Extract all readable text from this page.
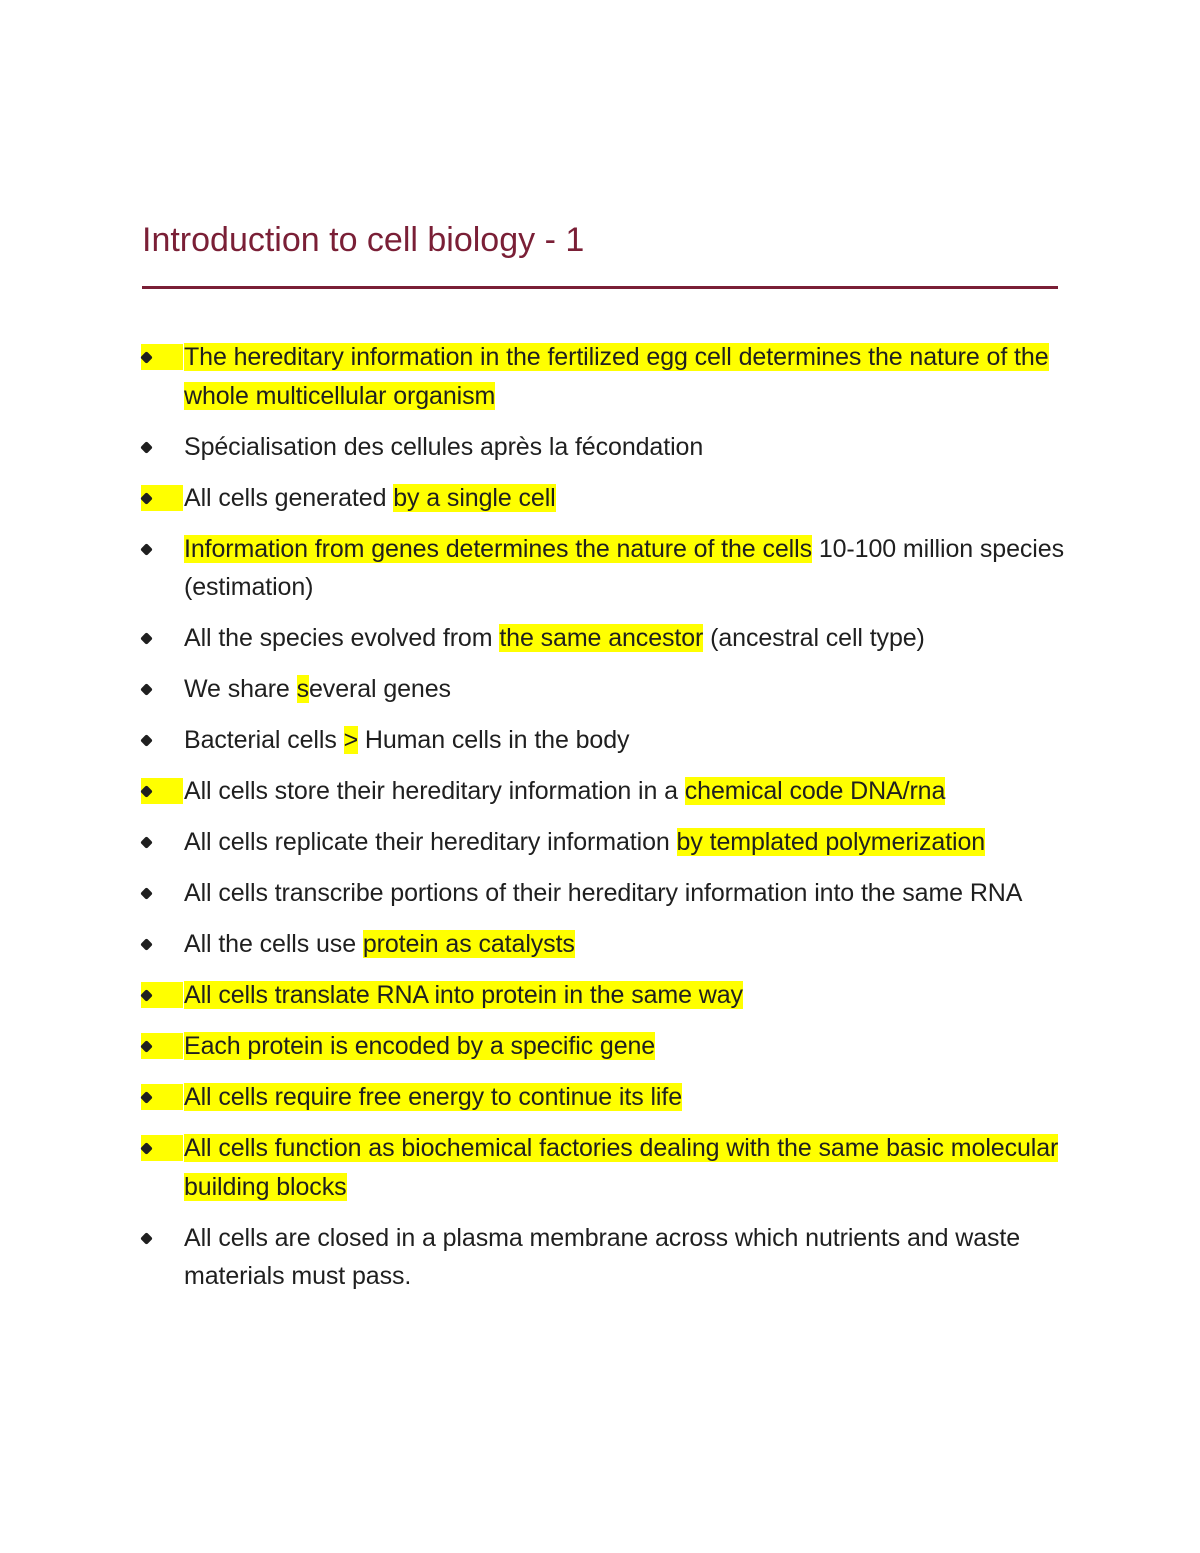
Introduction to cell biology - 1
The hereditary information in the fertilized egg cell determines the nature of the whole multicellular organism
Spécialisation des cellules après la fécondation
All cells generated by a single cell
Information from genes determines the nature of the cells 10-100 million species (estimation)
All the species evolved from the same ancestor (ancestral cell type)
We share several genes
Bacterial cells > Human cells in the body
All cells store their hereditary information in a chemical code DNA/rna
All cells replicate their hereditary information by templated polymerization
All cells transcribe portions of their hereditary information into the same RNA
All the cells use protein as catalysts
All cells translate RNA into protein in the same way
Each protein is encoded by a specific gene
All cells require free energy to continue its life
All cells function as biochemical factories dealing with the same basic molecular building blocks
All cells are closed in a plasma membrane across which nutrients and waste materials must pass.
